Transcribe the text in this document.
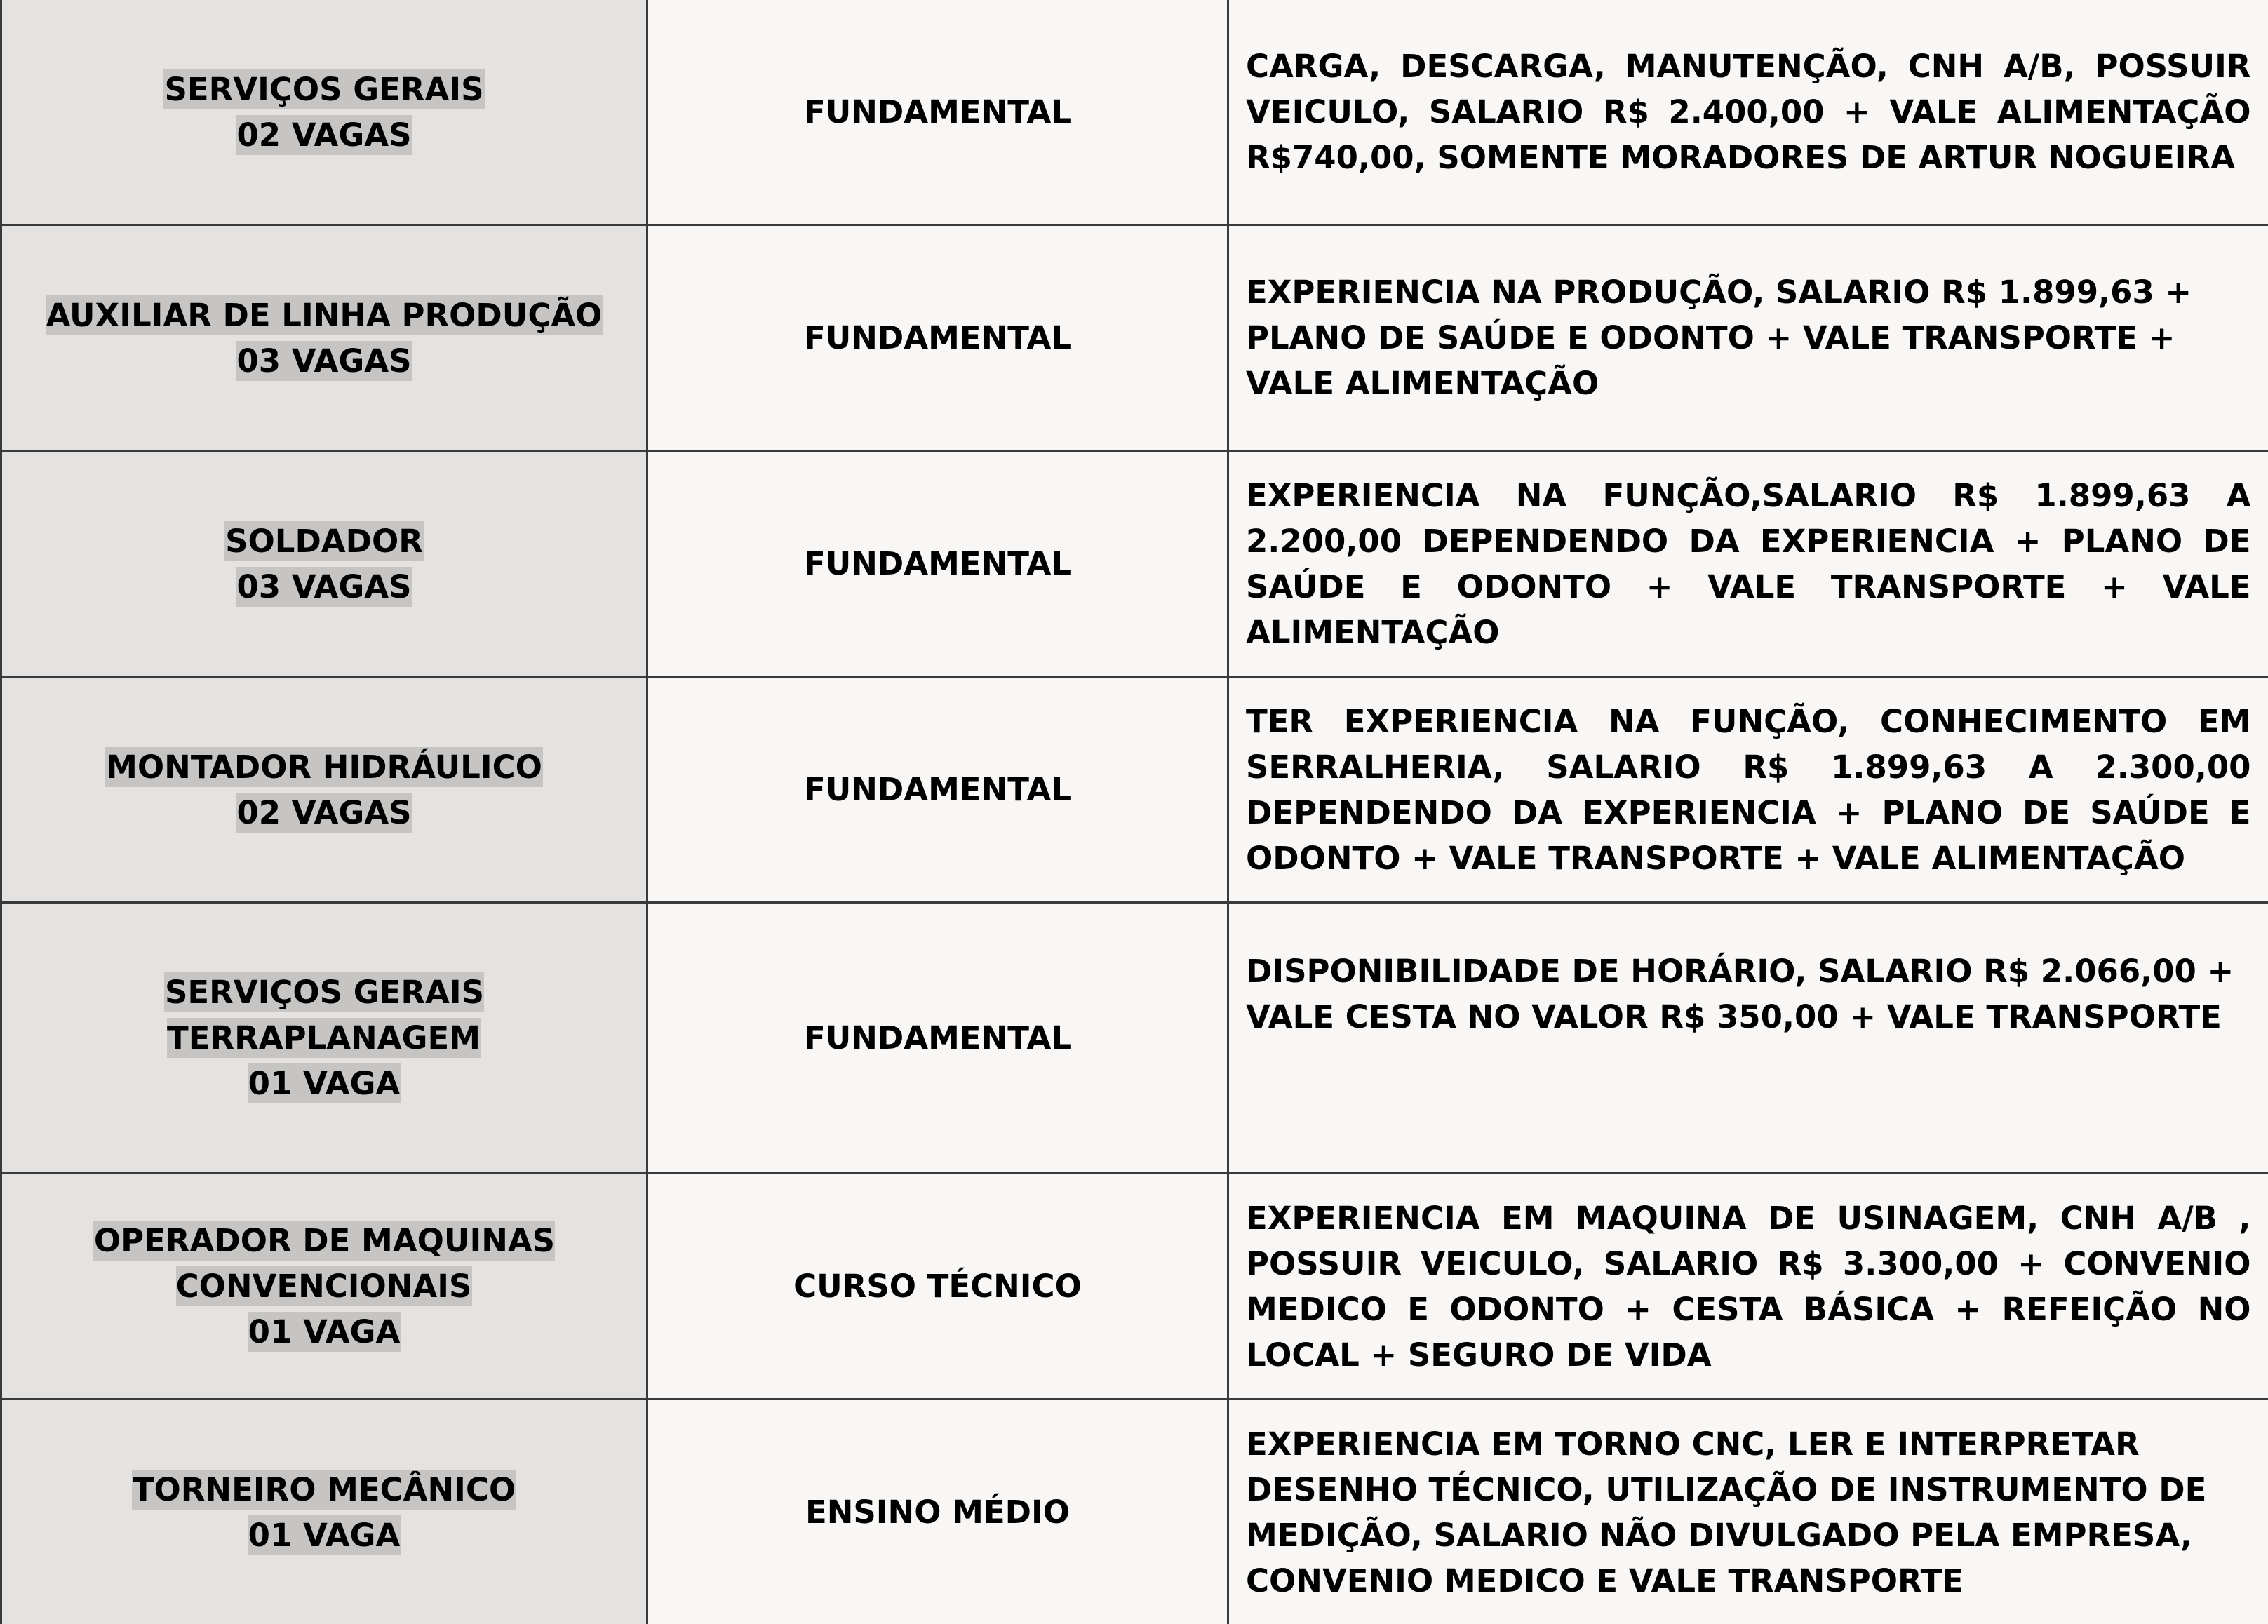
SERVIÇOS GERAIS
02 VAGAS	FUNDAMENTAL	CARGA, DESCARGA, MANUTENÇÃO, CNH A/B, POSSUIR VEICULO, SALARIO R$ 2.400,00 + VALE ALIMENTAÇÃO R$740,00, SOMENTE MORADORES DE ARTUR NOGUEIRA

AUXILIAR DE LINHA PRODUÇÃO
03 VAGAS	FUNDAMENTAL	EXPERIENCIA NA PRODUÇÃO, SALARIO R$ 1.899,63 +
PLANO DE SAÚDE E ODONTO + VALE TRANSPORTE +
VALE ALIMENTAÇÃO

SOLDADOR
03 VAGAS	FUNDAMENTAL	EXPERIENCIA NA FUNÇÃO,SALARIO R$ 1.899,63 A 2.200,00 DEPENDENDO DA EXPERIENCIA + PLANO DE SAÚDE E ODONTO + VALE TRANSPORTE + VALE ALIMENTAÇÃO

MONTADOR HIDRÁULICO
02 VAGAS	FUNDAMENTAL	TER EXPERIENCIA NA FUNÇÃO, CONHECIMENTO EM SERRALHERIA, SALARIO R$ 1.899,63 A 2.300,00 DEPENDENDO DA EXPERIENCIA + PLANO DE SAÚDE E ODONTO + VALE TRANSPORTE + VALE ALIMENTAÇÃO

SERVIÇOS GERAIS
TERRAPLANAGEM
01 VAGA	FUNDAMENTAL	DISPONIBILIDADE DE HORÁRIO, SALARIO R$ 2.066,00 +
VALE CESTA NO VALOR R$ 350,00 + VALE TRANSPORTE

OPERADOR DE MAQUINAS
CONVENCIONAIS
01 VAGA	CURSO TÉCNICO	EXPERIENCIA EM MAQUINA DE USINAGEM, CNH A/B , POSSUIR VEICULO, SALARIO R$ 3.300,00 + CONVENIO MEDICO E ODONTO + CESTA BÁSICA + REFEIÇÃO NO LOCAL + SEGURO DE VIDA

TORNEIRO MECÂNICO
01 VAGA	ENSINO MÉDIO	EXPERIENCIA EM TORNO CNC, LER E INTERPRETAR
DESENHO TÉCNICO, UTILIZAÇÃO DE INSTRUMENTO DE
MEDIÇÃO, SALARIO NÃO DIVULGADO PELA EMPRESA,
CONVENIO MEDICO E VALE TRANSPORTE
